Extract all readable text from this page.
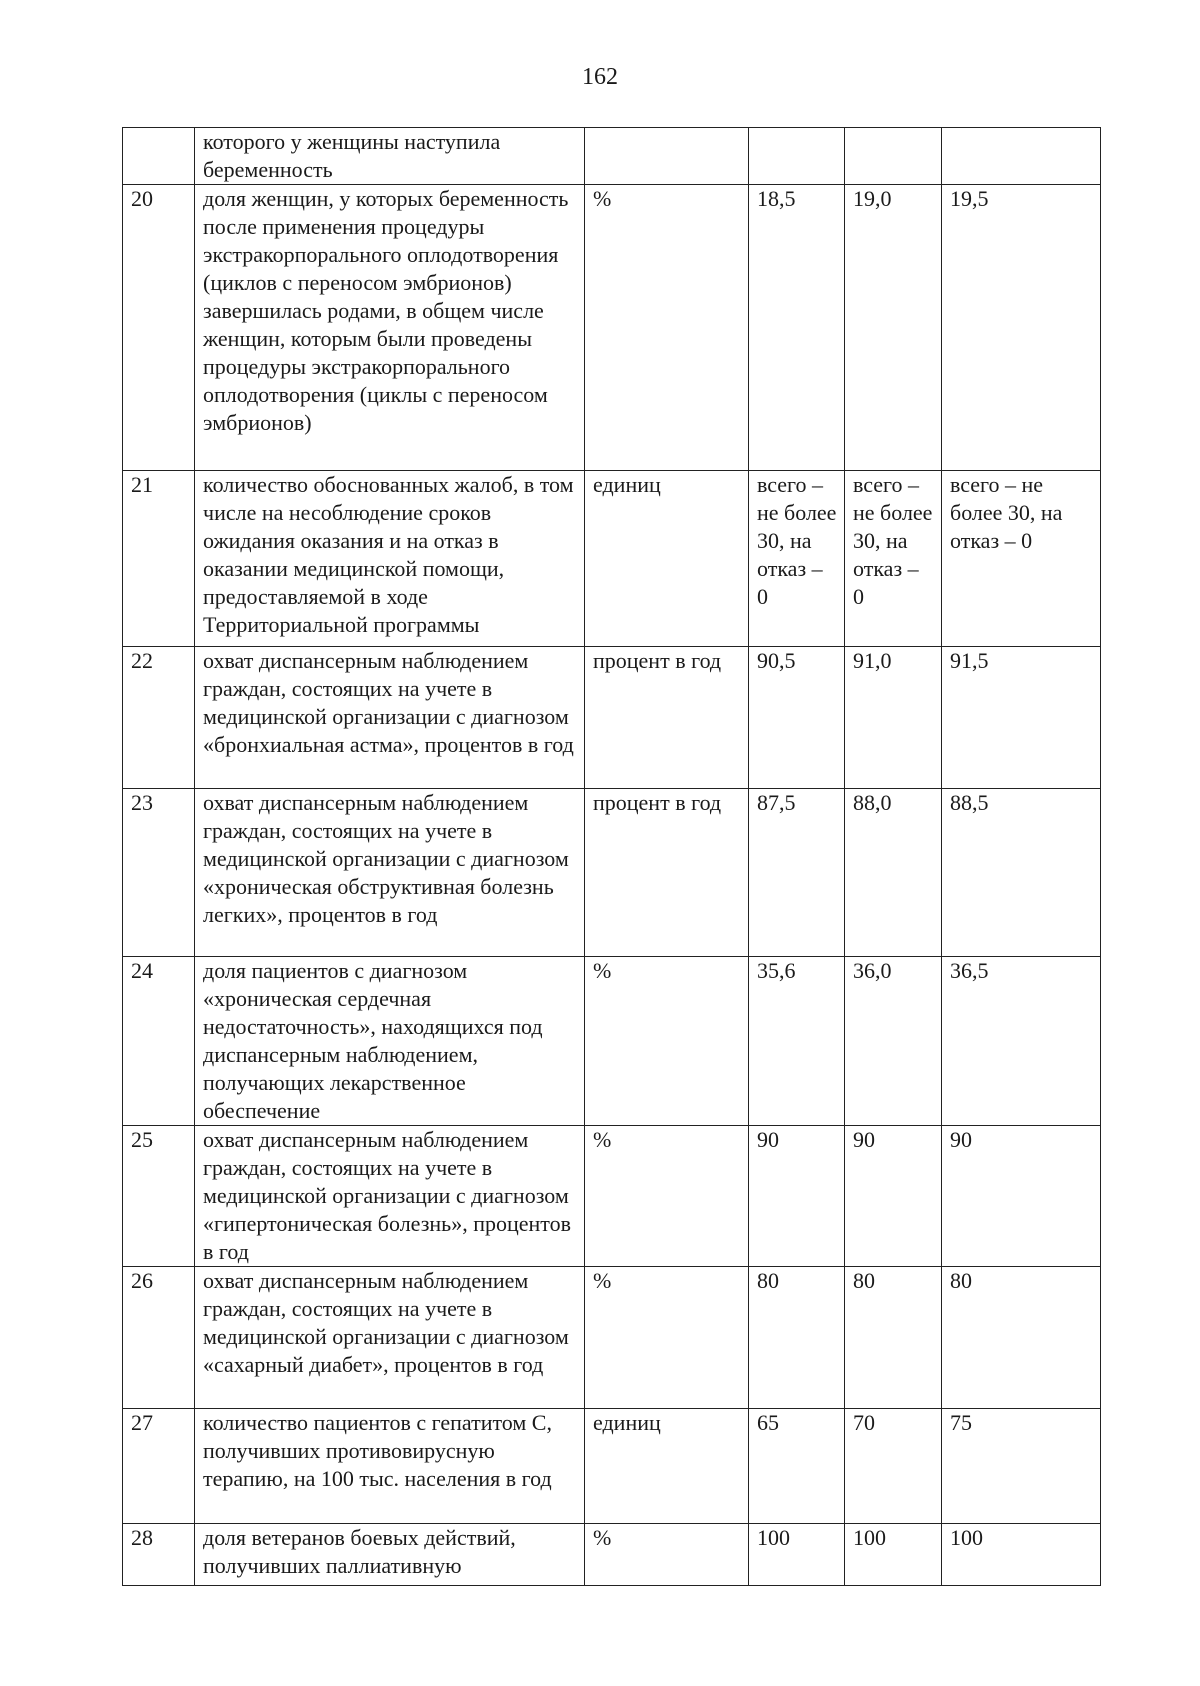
162
	которого у женщины наступила беременность				
20	доля женщин, у которых беременность после применения процедуры экстракорпорального оплодотворения (циклов с переносом эмбрионов) завершилась родами, в общем числе женщин, которым были проведены процедуры экстракорпорального оплодотворения (циклы с переносом эмбрионов)	%	18,5	19,0	19,5
21	количество обоснованных жалоб, в том числе на несоблюдение сроков ожидания оказания и на отказ в оказании медицинской помощи, предоставляемой в ходе Территориальной программы	единиц	всего – не более 30, на отказ – 0	всего – не более 30, на отказ – 0	всего – не более 30, на отказ – 0
22	охват диспансерным наблюдением граждан, состоящих на учете в медицинской организации с диагнозом «бронхиальная астма», процентов в год	процент в год	90,5	91,0	91,5
23	охват диспансерным наблюдением граждан, состоящих на учете в медицинской организации с диагнозом «хроническая обструктивная болезнь легких», процентов в год	процент в год	87,5	88,0	88,5
24	доля пациентов с диагнозом «хроническая сердечная недостаточность», находящихся под диспансерным наблюдением, получающих лекарственное обеспечение	%	35,6	36,0	36,5
25	охват диспансерным наблюдением граждан, состоящих на учете в медицинской организации с диагнозом «гипертоническая болезнь», процентов в год	%	90	90	90
26	охват диспансерным наблюдением граждан, состоящих на учете в медицинской организации с диагнозом «сахарный диабет», процентов в год	%	80	80	80
27	количество пациентов с гепатитом С, получивших противовирусную терапию, на 100 тыс. населения в год	единиц	65	70	75
28	доля ветеранов боевых действий, получивших паллиативную	%	100	100	100
